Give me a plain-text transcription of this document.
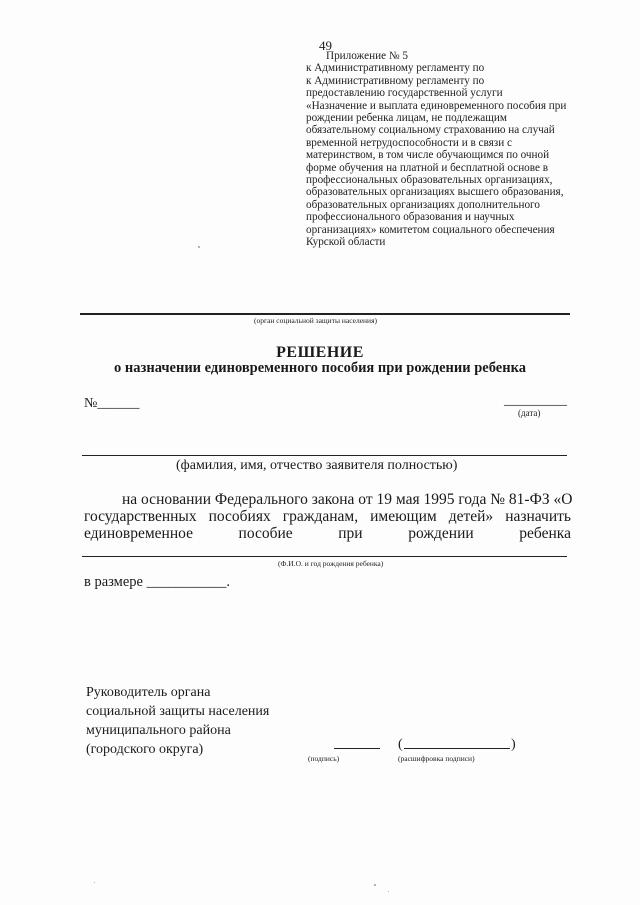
49
Приложение № 5
к Административному регламенту по
к Административному регламенту по
предоставлению государственной услуги
«Назначение и выплата единовременного пособия при
рождении ребенка лицам, не подлежащим
обязательному социальному страхованию на случай
временной нетрудоспособности и в связи с
материнством, в том числе обучающимся по очной
форме обучения на платной и бесплатной основе в
профессиональных образовательных организациях,
образовательных организациях высшего образования,
образовательных организациях дополнительного
профессионального образования и научных
организациях» комитетом социального обеспечения
Курской области
(орган социальной защиты населения)
РЕШЕНИЕ
о назначении единовременного пособия при рождении ребенка
№______	_________
(дата)
(фамилия, имя, отчество заявителя полностью)
на основании Федерального закона от 19 мая 1995 года № 81-ФЗ «О
государственных пособиях гражданам, имеющим детей» назначить
единовременное	пособие	при	рождении	ребенка
(Ф.И.О. и год рождения ребенка)
в размере ___________.
Руководитель органа
социальной защиты населения
муниципального района
(городского округа)
(подпись)
(	)
(расшифровка подписи)
